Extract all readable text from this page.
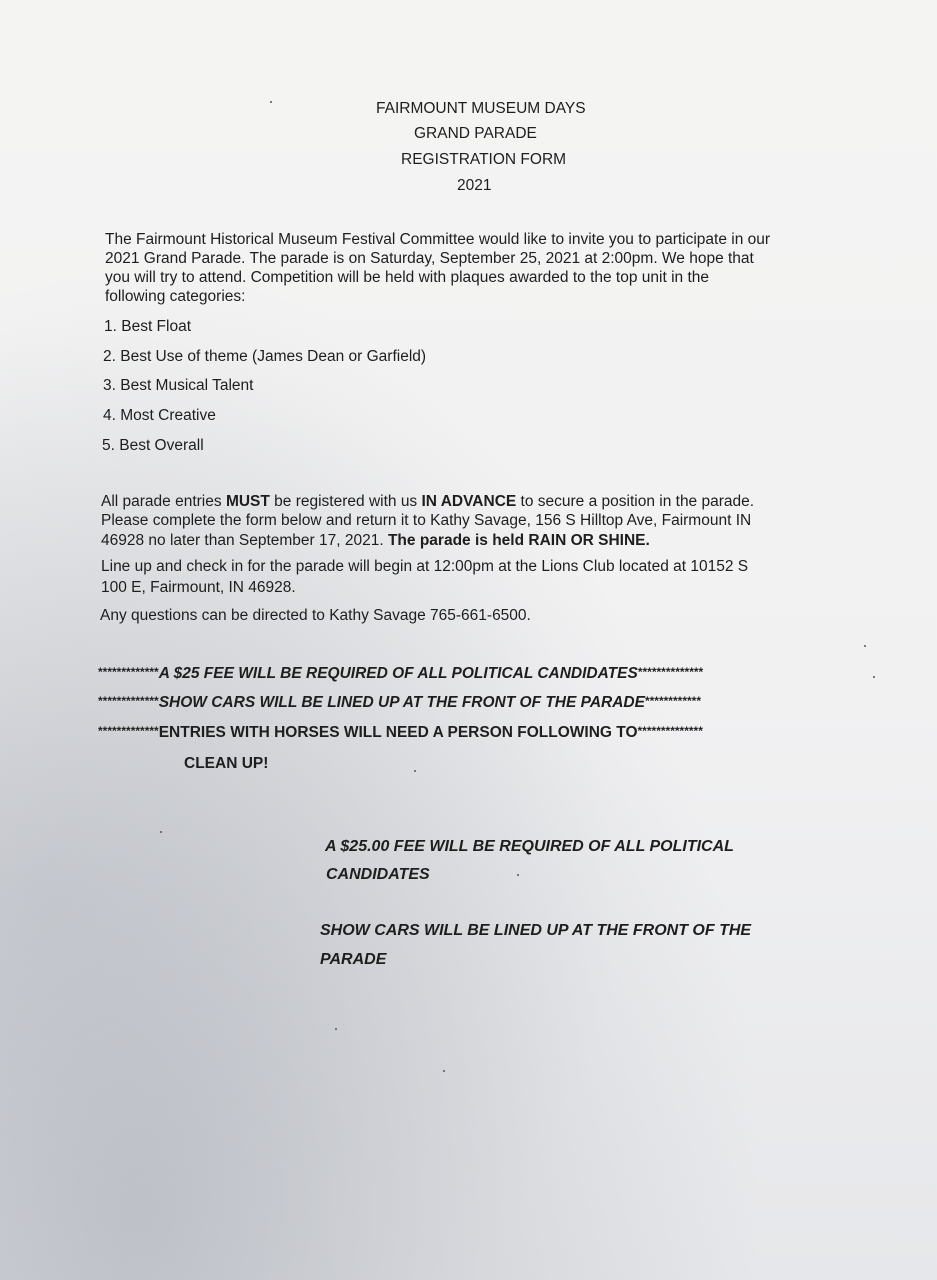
FAIRMOUNT MUSEUM DAYS

GRAND PARADE

REGISTRATION FORM

2021

The Fairmount Historical Museum Festival Committee would like to invite you to participate in our

2021 Grand Parade. The parade is on Saturday, September 25, 2021 at 2:00pm. We hope that

you will try to attend. Competition will be held with plaques awarded to the top unit in the

following categories:

1. Best Float

2. Best Use of theme (James Dean or Garfield)

3. Best Musical Talent

4. Most Creative

5. Best Overall

All parade entries MUST be registered with us IN ADVANCE to secure a position in the parade.

Please complete the form below and return it to Kathy Savage, 156 S Hilltop Ave, Fairmount IN

46928 no later than September 17, 2021. The parade is held RAIN OR SHINE.

Line up and check in for the parade will begin at 12:00pm at the Lions Club located at 10152 S

100 E, Fairmount, IN 46928.

Any questions can be directed to Kathy Savage 765-661-6500.

*************A $25 FEE WILL BE REQUIRED OF ALL POLITICAL CANDIDATES**************

*************SHOW CARS WILL BE LINED UP AT THE FRONT OF THE PARADE************

*************ENTRIES WITH HORSES WILL NEED A PERSON FOLLOWING TO**************

CLEAN UP!

A $25.00 FEE WILL BE REQUIRED OF ALL POLITICAL

CANDIDATES

SHOW CARS WILL BE LINED UP AT THE FRONT OF THE

PARADE
